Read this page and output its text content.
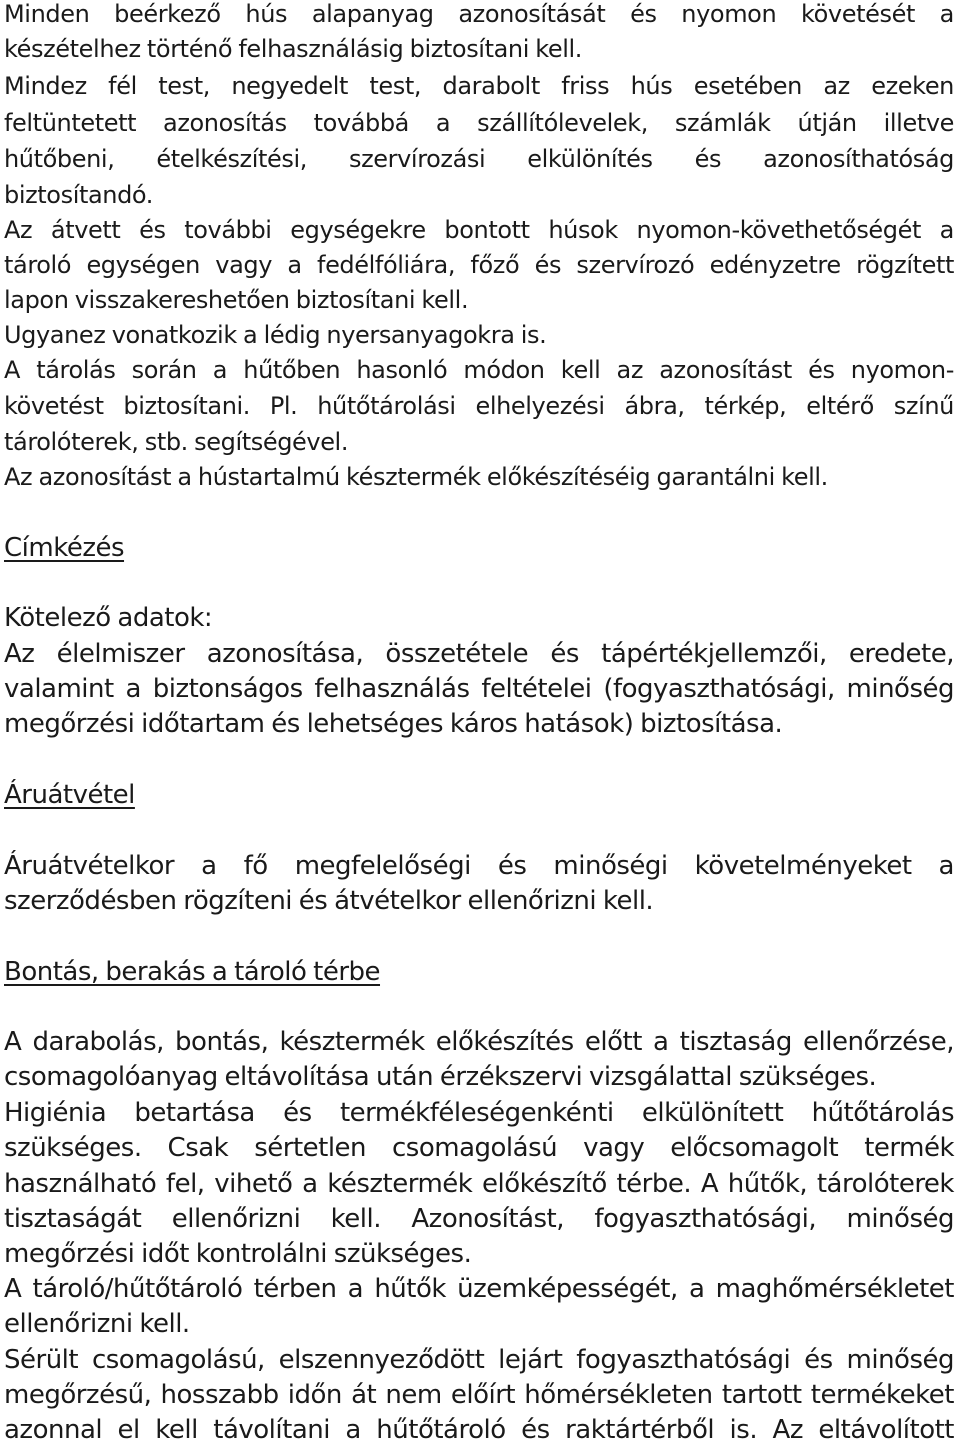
Minden beérkező hús alapanyag azonosítását és nyomon követését a
készételhez történő felhasználásig biztosítani kell.
Mindez fél test, negyedelt test, darabolt friss hús esetében az ezeken
feltüntetett azonosítás továbbá a szállítólevelek, számlák útján illetve
hűtőbeni, ételkészítési, szervírozási elkülönítés és azonosíthatóság
biztosítandó.
Az átvett és további egységekre bontott húsok nyomon-követhetőségét a
tároló egységen vagy a fedélfóliára, főző és szervírozó edényzetre rögzített
lapon visszakereshetően biztosítani kell.
Ugyanez vonatkozik a lédig nyersanyagokra is.
A tárolás során a hűtőben hasonló módon kell az azonosítást és nyomon-
követést biztosítani. Pl. hűtőtárolási elhelyezési ábra, térkép, eltérő színű
tárolóterek, stb. segítségével.
Az azonosítást a hústartalmú késztermék előkészítéséig garantálni kell.
Címkézés
Kötelező adatok:
Az élelmiszer azonosítása, összetétele és tápértékjellemzői, eredete,
valamint a biztonságos felhasználás feltételei (fogyaszthatósági, minőség
megőrzési időtartam és lehetséges káros hatások) biztosítása.
Áruátvétel
Áruátvételkor a fő megfelelőségi és minőségi követelményeket a
szerződésben rögzíteni és átvételkor ellenőrizni kell.
Bontás, berakás a tároló térbe
A darabolás, bontás, késztermék előkészítés előtt a tisztaság ellenőrzése,
csomagolóanyag eltávolítása után érzékszervi vizsgálattal szükséges.
Higiénia betartása és termékféleségenkénti elkülönített hűtőtárolás
szükséges. Csak sértetlen csomagolású vagy előcsomagolt termék
használható fel, vihető a késztermék előkészítő térbe. A hűtők, tárolóterek
tisztaságát ellenőrizni kell. Azonosítást, fogyaszthatósági, minőség
megőrzési időt kontrolálni szükséges.
A tároló/hűtőtároló térben a hűtők üzemképességét, a maghőmérsékletet
ellenőrizni kell.
Sérült csomagolású, elszennyeződött lejárt fogyaszthatósági és minőség
megőrzésű, hosszabb időn át nem előírt hőmérsékleten tartott termékeket
azonnal el kell távolítani a hűtőtároló és raktártérből is. Az eltávolított
